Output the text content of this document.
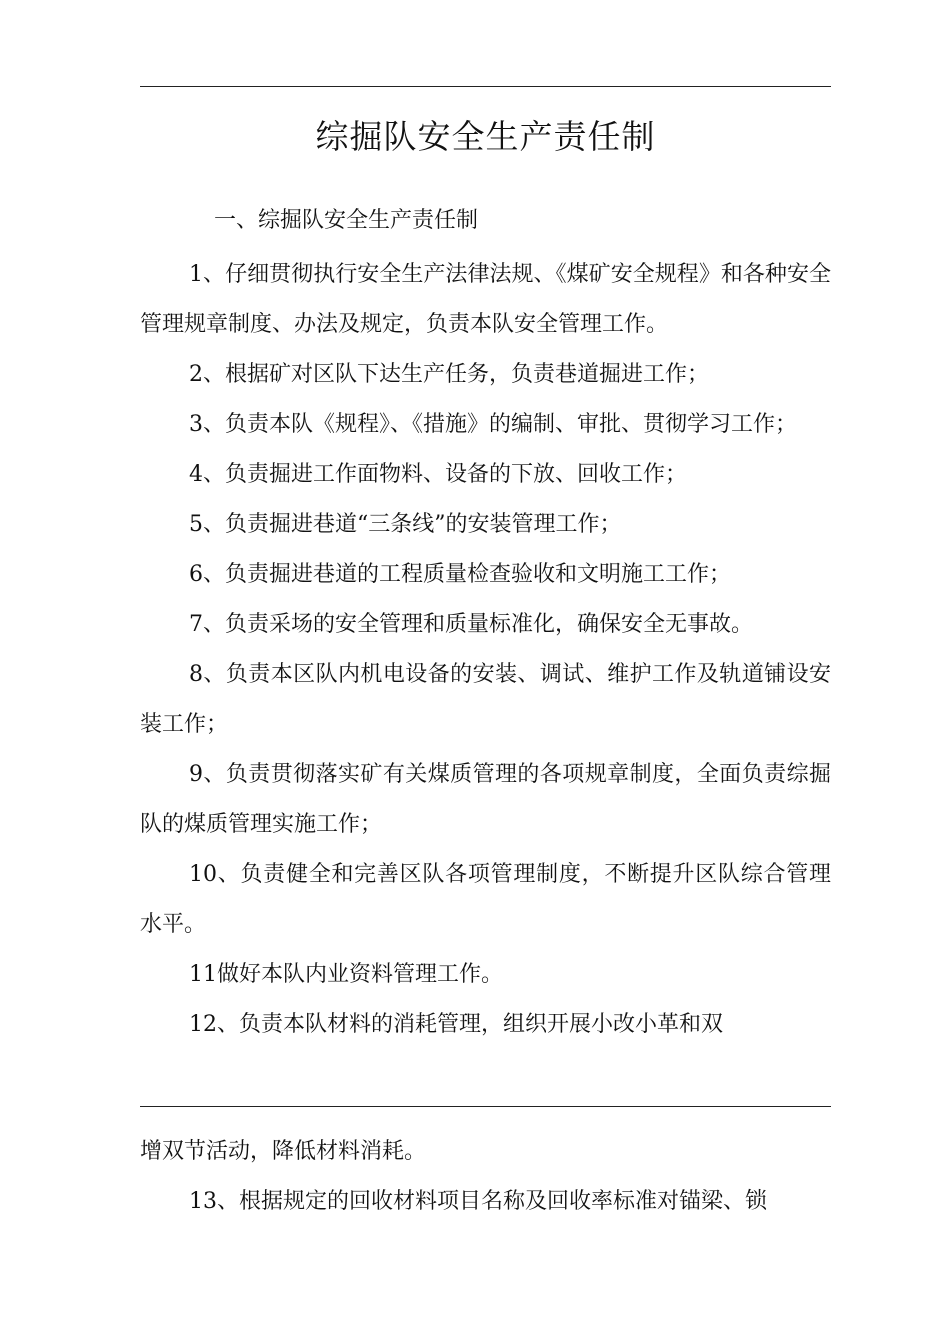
综掘队安全生产责任制
一、综掘队安全生产责任制

1、仔细贯彻执行安全生产法律法规、《煤矿安全规程》和各种安全管理规章制度、办法及规定，负责本队安全管理工作。

2、根据矿对区队下达生产任务，负责巷道掘进工作；

3、负责本队《规程》、《措施》的编制、审批、贯彻学习工作；

4、负责掘进工作面物料、设备的下放、回收工作；

5、负责掘进巷道“三条线”的安装管理工作；

6、负责掘进巷道的工程质量检查验收和文明施工工作；

7、负责采场的安全管理和质量标准化，确保安全无事故。

8、负责本区队内机电设备的安装、调试、维护工作及轨道铺设安装工作；

9、负责贯彻落实矿有关煤质管理的各项规章制度，全面负责综掘队的煤质管理实施工作；

10、负责健全和完善区队各项管理制度，不断提升区队综合管理水平。

11做好本队内业资料管理工作。

12、负责本队材料的消耗管理，组织开展小改小革和双

增双节活动，降低材料消耗。

13、根据规定的回收材料项目名称及回收率标准对锚梁、锁
